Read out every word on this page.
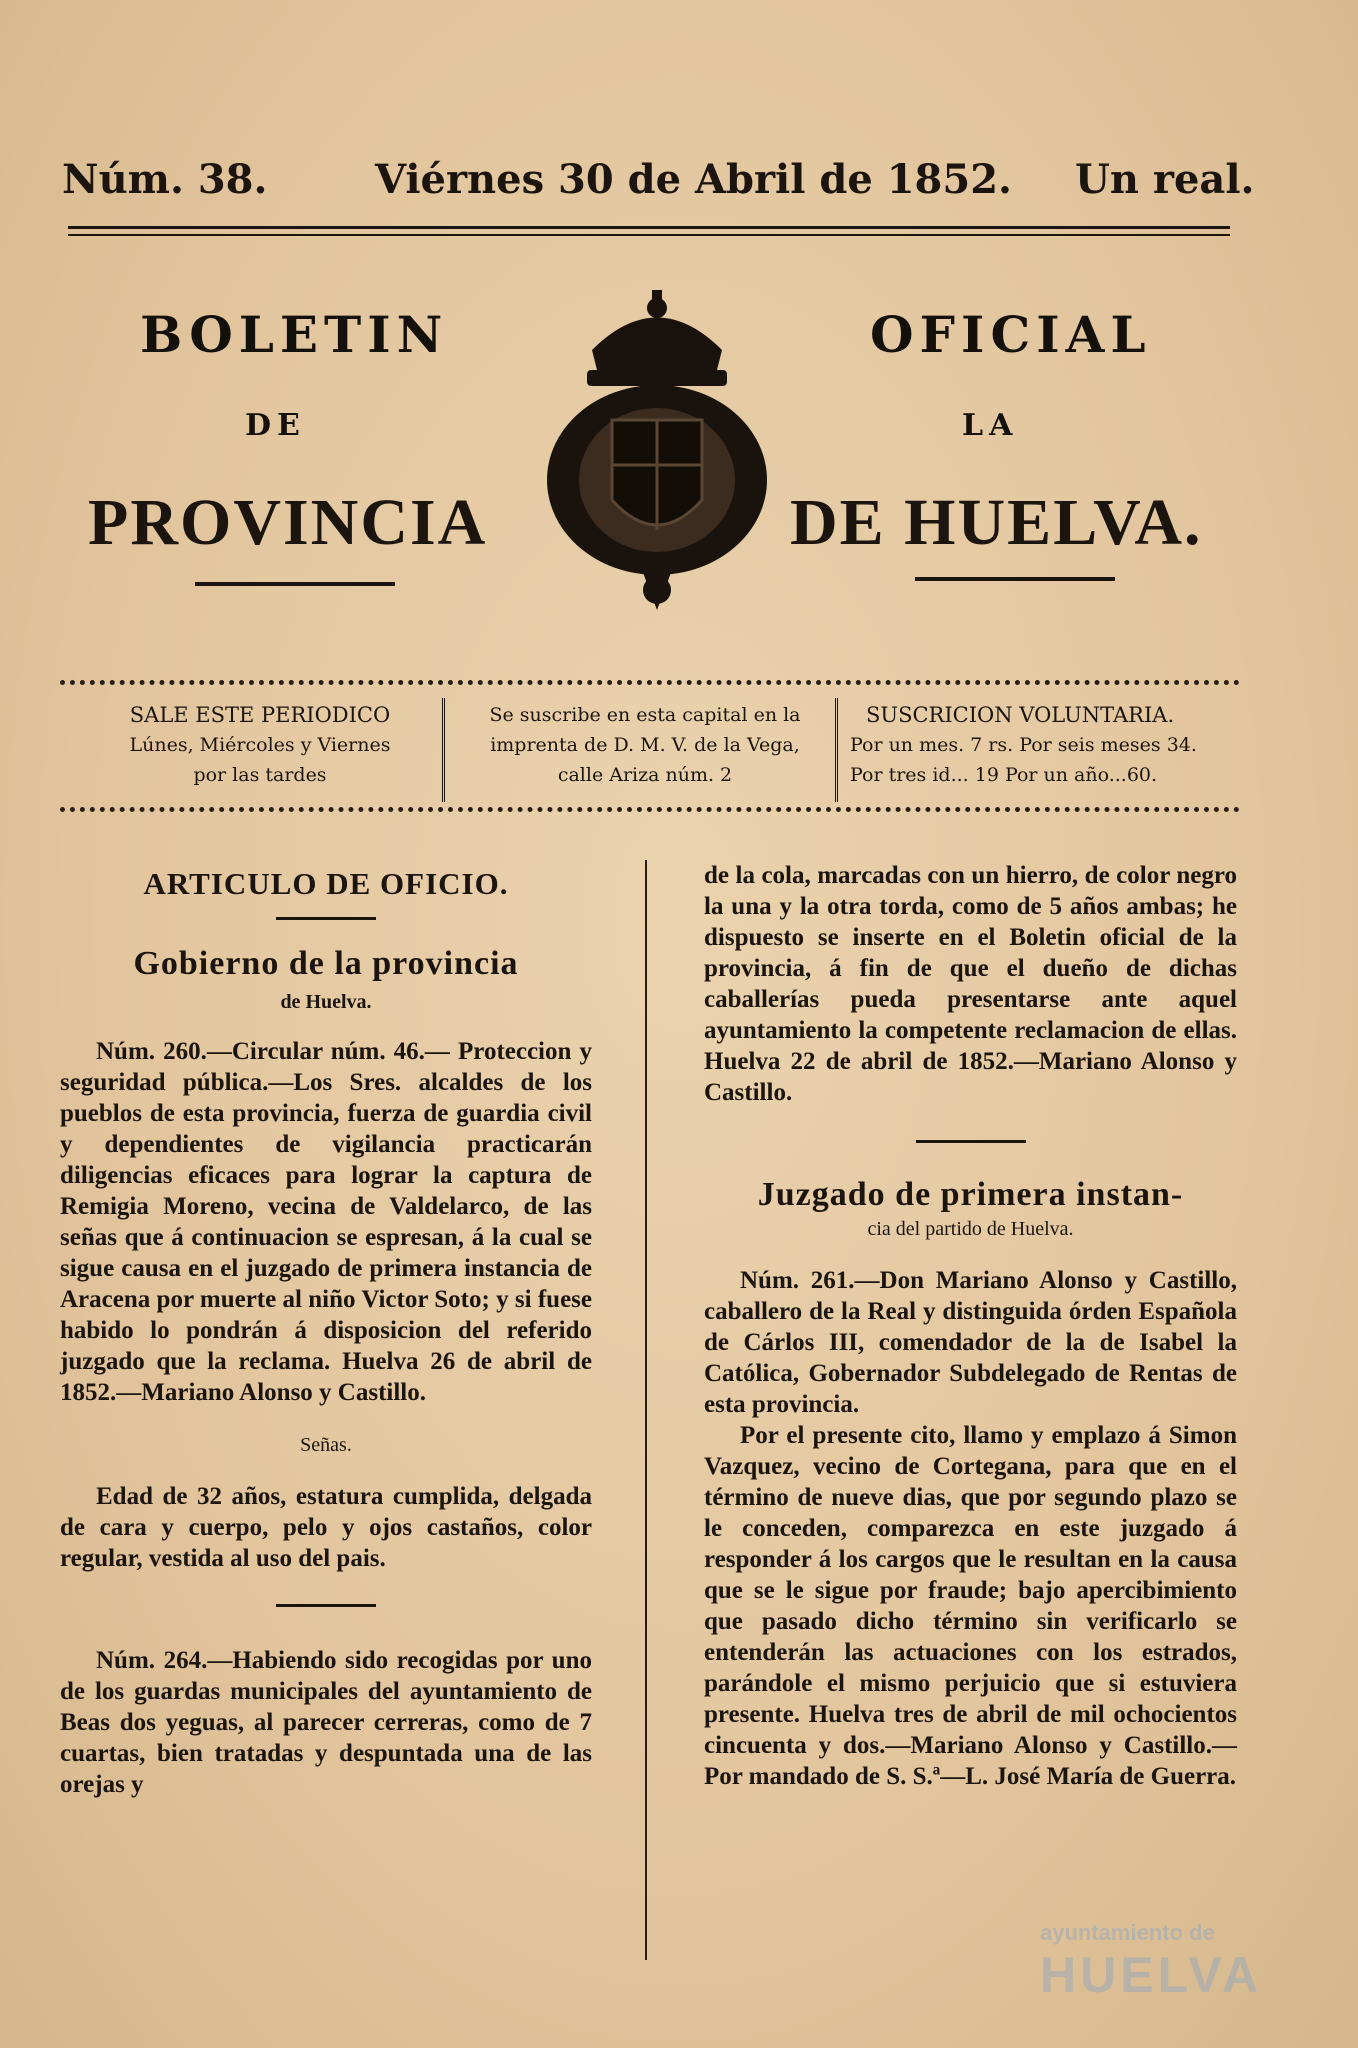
Núm. 38.	Viérnes 30 de Abril de 1852. Un real.
BOLETIN	OFICIAL
DE	LA
PROVINCIA	DE HUELVA.
SALE ESTE PERIODICO
Lúnes, Miércoles y Viernes
por las tardes
Se suscribe en esta capital en la
imprenta de D. M. V. de la Vega,
calle Ariza núm. 2
SUSCRICION VOLUNTARIA.
Por un mes. 7 rs. Por seis meses 34.
Por tres id... 19 Por un año...60.

ARTICULO DE OFICIO.

Gobierno de la provincia

de Huelva.

Núm. 260.—Circular núm. 46.— Proteccion y seguridad pública.—Los Sres. alcaldes de los pueblos de esta provincia, fuerza de guardia civil y dependientes de vigilancia practicarán diligencias eficaces para lograr la captura de Remigia Moreno, vecina de Valdelarco, de las señas que á continuacion se espresan, á la cual se sigue causa en el juzgado de primera instancia de Aracena por muerte al niño Victor Soto; y si fuese habido lo pondrán á disposicion del referido juzgado que la reclama. Huelva 26 de abril de 1852.—Mariano Alonso y Castillo.

Señas.

Edad de 32 años, estatura cumplida, delgada de cara y cuerpo, pelo y ojos castaños, color regular, vestida al uso del pais.

Núm. 264.—Habiendo sido recogidas por uno de los guardas municipales del ayuntamiento de Beas dos yeguas, al parecer cerreras, como de 7 cuartas, bien tratadas y despuntada una de las orejas y

de la cola, marcadas con un hierro, de color negro la una y la otra torda, como de 5 años ambas; he dispuesto se inserte en el Boletin oficial de la provincia, á fin de que el dueño de dichas caballerías pueda presentarse ante aquel ayuntamiento la competente reclamacion de ellas. Huelva 22 de abril de 1852.—Mariano Alonso y Castillo.

Juzgado de primera instan-

cia del partido de Huelva.

Núm. 261.—Don Mariano Alonso y Castillo, caballero de la Real y distinguida órden Española de Cárlos III, comendador de la de Isabel la Católica, Gobernador Subdelegado de Rentas de esta provincia.

Por el presente cito, llamo y emplazo á Simon Vazquez, vecino de Cortegana, para que en el término de nueve dias, que por segundo plazo se le conceden, comparezca en este juzgado á responder á los cargos que le resultan en la causa que se le sigue por fraude; bajo apercibimiento que pasado dicho término sin verificarlo se entenderán las actuaciones con los estrados, parándole el mismo perjuicio que si estuviera presente. Huelva tres de abril de mil ochocientos cincuenta y dos.—Mariano Alonso y Castillo.—Por mandado de S. S.ª—L. José María de Guerra.

ayuntamiento de
HUELVA
